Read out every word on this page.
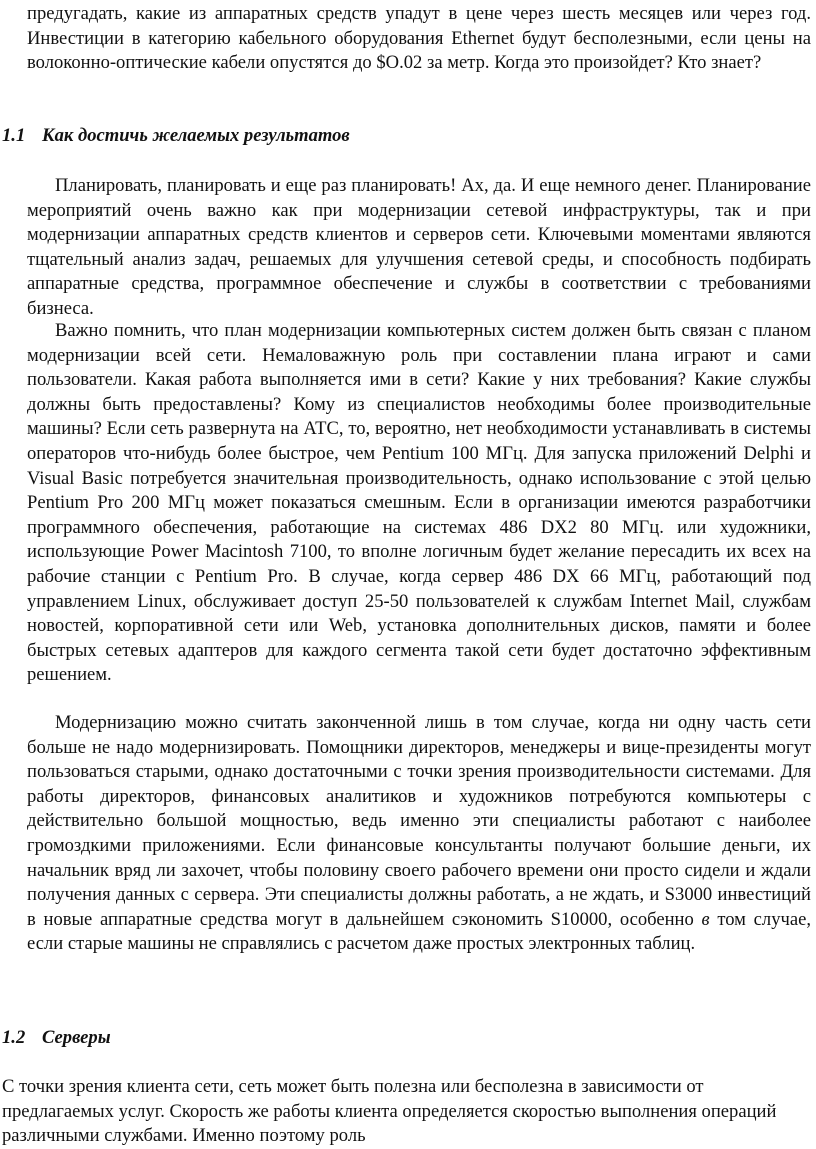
предугадать, какие из аппаратных средств упадут в цене через шесть месяцев или через год. Инвестиции в категорию кабельного оборудования Ethernet будут бесполезными, если цены на волоконно-оптические кабели опустятся до $O.02 за метр. Когда это произойдет? Кто знает?

1.1 Как достичь желаемых результатов

Планировать, планировать и еще раз планировать! Ах, да. И еще немного денег. Планирование мероприятий очень важно как при модернизации сетевой инфраструктуры, так и при модернизации аппаратных средств клиентов и серверов сети. Ключевыми моментами являются тщательный анализ задач, решаемых для улучшения сетевой среды, и способность подбирать аппаратные средства, программное обеспечение и службы в соответствии с требованиями бизнеса.

Важно помнить, что план модернизации компьютерных систем должен быть связан с планом модернизации всей сети. Немаловажную роль при составлении плана играют и сами пользователи. Какая работа выполняется ими в сети? Какие у них требования? Какие службы должны быть предоставлены? Кому из специалистов необходимы более производительные машины? Если сеть развернута на АТС, то, вероятно, нет необходимости устанавливать в системы операторов что-нибудь более быстрое, чем Pentium 100 МГц. Для запуска приложений Delphi и Visual Basic потребуется значительная производительность, однако использование с этой целью Pentium Pro 200 МГц может показаться смешным. Если в организации имеются разработчики программного обеспечения, работающие на системах 486 DX2 80 МГц. или художники, использующие Power Macintosh 7100, то вполне логичным будет желание пересадить их всех на рабочие станции с Pentium Pro. В случае, когда сервер 486 DX 66 МГц, работающий под управлением Linux, обслуживает доступ 25-50 пользователей к службам Internet Mail, службам новостей, корпоративной сети или Web, установка дополнительных дисков, памяти и более быстрых сетевых адаптеров для каждого сегмента такой сети будет достаточно эффективным решением.

Модернизацию можно считать законченной лишь в том случае, когда ни одну часть сети больше не надо модернизировать. Помощники директоров, менеджеры и вице-президенты могут пользоваться старыми, однако достаточными с точки зрения производительности системами. Для работы директоров, финансовых аналитиков и художников потребуются компьютеры с действительно большой мощностью, ведь именно эти специалисты работают с наиболее громоздкими приложениями. Если финансовые консультанты получают большие деньги, их начальник вряд ли захочет, чтобы половину своего рабочего времени они просто сидели и ждали получения данных с сервера. Эти специалисты должны работать, а не ждать, и S3000 инвестиций в новые аппаратные средства могут в дальнейшем сэкономить S10000, особенно в том случае, если старые машины не справлялись с расчетом даже простых электронных таблиц.

1.2 Серверы

С точки зрения клиента сети, сеть может быть полезна или бесполезна в зависимости от предлагаемых услуг. Скорость же работы клиента определяется скоростью выполнения операций различными службами. Именно поэтому роль
